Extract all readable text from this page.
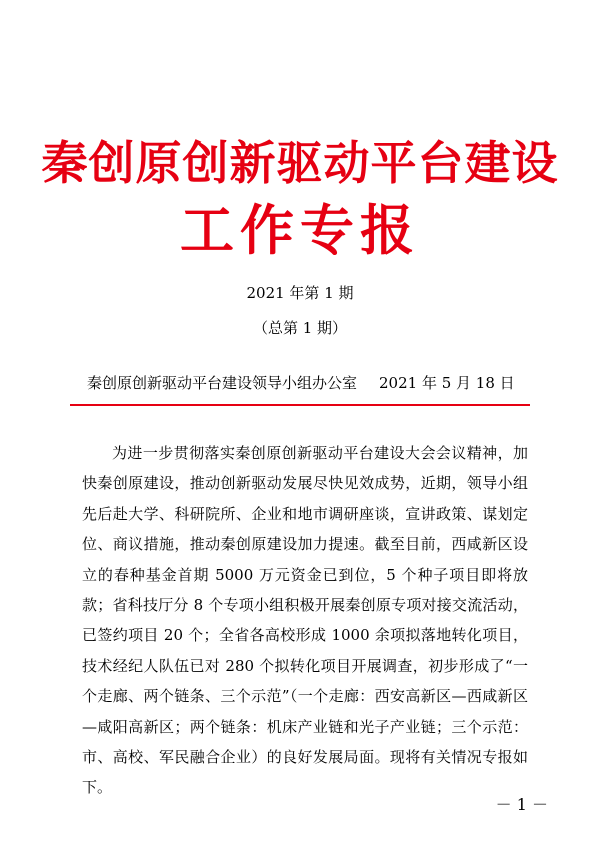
秦创原创新驱动平台建设
工作专报
2021 年第 1 期
（总第 1 期）
秦创原创新驱动平台建设领导小组办公室 2021 年 5 月 18 日

为进一步贯彻落实秦创原创新驱动平台建设大会会议精神，加快秦创原建设，推动创新驱动发展尽快见效成势，近期，领导小组先后赴大学、科研院所、企业和地市调研座谈，宣讲政策、谋划定位、商议措施，推动秦创原建设加力提速。截至目前，西咸新区设立的春种基金首期 5000 万元资金已到位，5 个种子项目即将放款；省科技厅分 8 个专项小组积极开展秦创原专项对接交流活动，已签约项目 20 个；全省各高校形成 1000 余项拟落地转化项目，技术经纪人队伍已对 280 个拟转化项目开展调查，初步形成了“一个走廊、两个链条、三个示范”（一个走廊：西安高新区—西咸新区—咸阳高新区；两个链条：机床产业链和光子产业链；三个示范：市、高校、军民融合企业）的良好发展局面。现将有关情况专报如下。

－ 1 －
